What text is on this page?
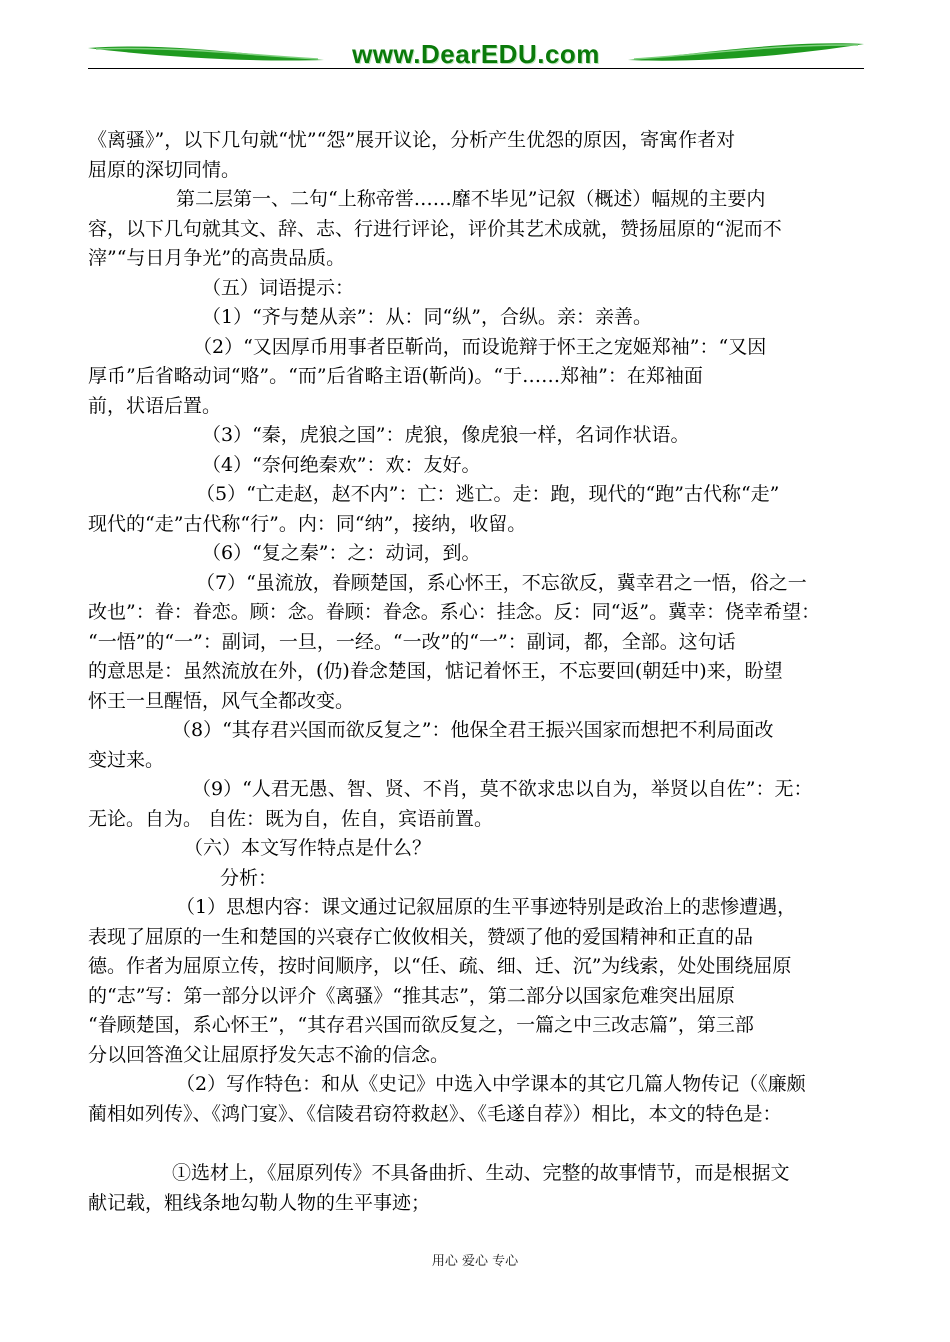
www.DearEDU.com

《离骚》”，以下几句就“忧”“怨”展开议论，分析产生优怨的原因，寄寓作者对

屈原的深切同情。

第二层第一、二句“上称帝喾……靡不毕见”记叙（概述）幅规的主要内

容，以下几句就其文、辞、志、行进行评论，评价其艺术成就，赞扬屈原的“泥而不

滓”“与日月争光”的高贵品质。

（五）词语提示：

（1）“齐与楚从亲”：从：同“纵”，合纵。亲：亲善。

（2）“又因厚币用事者臣靳尚，而设诡辩于怀王之宠姬郑袖”：“又因

厚币”后省略动词“赂”。“而”后省略主语(靳尚)。“于……郑袖”：在郑袖面

前，状语后置。

（3）“秦，虎狼之国”：虎狼，像虎狼一样，名词作状语。

（4）“奈何绝秦欢”：欢：友好。

（5）“亡走赵，赵不内”：亡：逃亡。走：跑，现代的“跑”古代称“走”

现代的“走”古代称“行”。内：同“纳”，接纳，收留。

（6）“复之秦”：之：动词，到。

（7）“虽流放，眷顾楚国，系心怀王，不忘欲反，冀幸君之一悟，俗之一

改也”：眷：眷恋。顾：念。眷顾：眷念。系心：挂念。反：同“返”。冀幸：侥幸希望：

“一悟”的“一”：副词，一旦，一经。“一改”的“一”：副词，都，全部。这句话

的意思是：虽然流放在外，(仍)眷念楚国，惦记着怀王，不忘要回(朝廷中)来，盼望

怀王一旦醒悟，风气全都改变。

（8）“其存君兴国而欲反复之”：他保全君王振兴国家而想把不利局面改

变过来。

（9）“人君无愚、智、贤、不肖，莫不欲求忠以自为，举贤以自佐”：无：

无论。自为。 自佐：既为自，佐自，宾语前置。

（六）本文写作特点是什么？

分析：

（1）思想内容：课文通过记叙屈原的生平事迹特别是政治上的悲惨遭遇，

表现了屈原的一生和楚国的兴衰存亡攸攸相关，赞颂了他的爱国精神和正直的品

德。作者为屈原立传，按时间顺序，以“任、疏、细、迁、沉”为线索，处处围绕屈原

的“志”写：第一部分以评介《离骚》“推其志”，第二部分以国家危难突出屈原

“眷顾楚国，系心怀王”，“其存君兴国而欲反复之，一篇之中三改志篇”，第三部

分以回答渔父让屈原抒发矢志不渝的信念。

（2）写作特色：和从《史记》中选入中学课本的其它几篇人物传记（《廉颇

蔺相如列传》、《鸿门宴》、《信陵君窃符救赵》、《毛遂自荐》）相比，本文的特色是：

①选材上，《屈原列传》不具备曲折、生动、完整的故事情节，而是根据文

献记载，粗线条地勾勒人物的生平事迹；

用心 爱心 专心
